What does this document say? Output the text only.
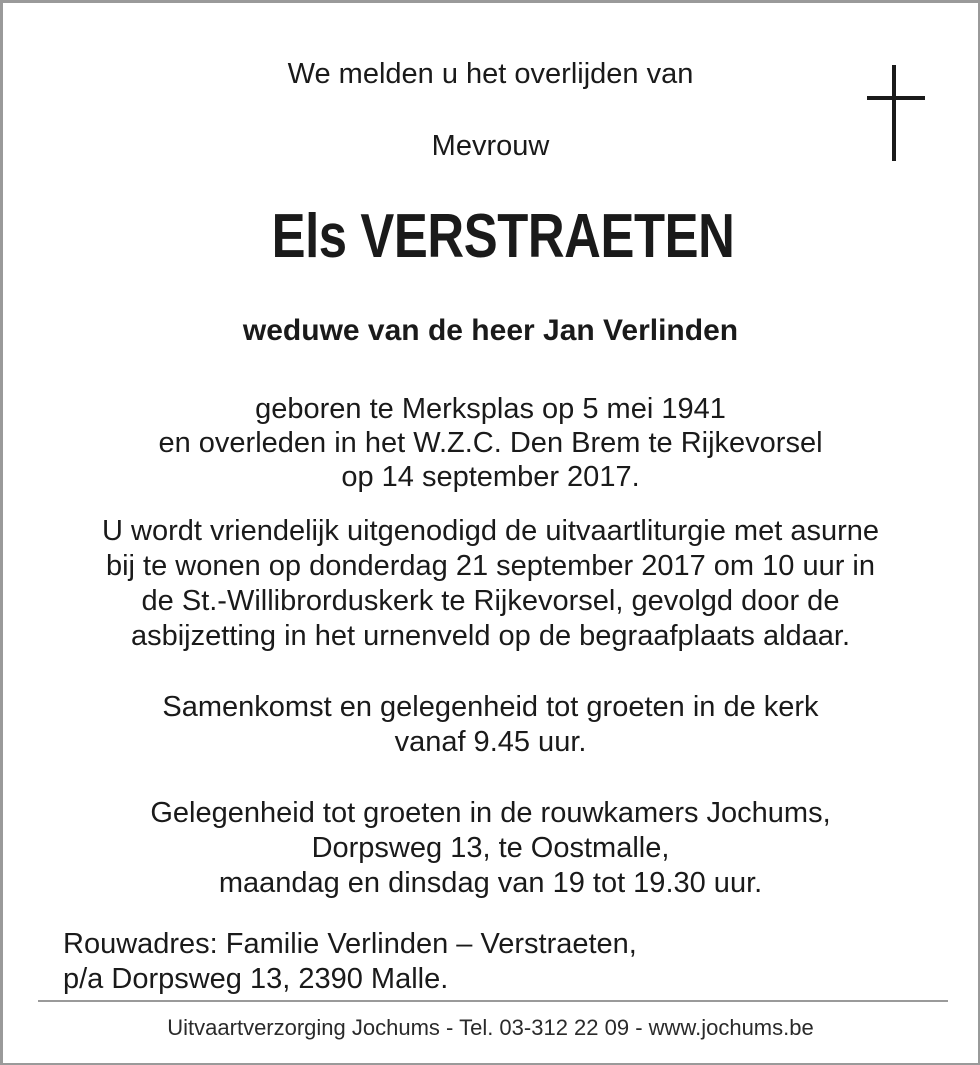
We melden u het overlijden van
Mevrouw
Els VERSTRAETEN
weduwe van de heer Jan Verlinden
geboren te Merksplas op 5 mei 1941
en overleden in het W.Z.C. Den Brem te Rijkevorsel
op 14 september 2017.
U wordt vriendelijk uitgenodigd de uitvaartliturgie met asurne
bij te wonen op donderdag 21 september 2017 om 10 uur in
de St.-Willibrorduskerk te Rijkevorsel, gevolgd door de
asbijzetting in het urnenveld op de begraafplaats aldaar.
Samenkomst en gelegenheid tot groeten in de kerk
vanaf 9.45 uur.
Gelegenheid tot groeten in de rouwkamers Jochums,
Dorpsweg 13, te Oostmalle,
maandag en dinsdag van 19 tot 19.30 uur.
Rouwadres: Familie Verlinden – Verstraeten,
p/a Dorpsweg 13, 2390 Malle.
Uitvaartverzorging Jochums - Tel. 03-312 22 09 - www.jochums.be
